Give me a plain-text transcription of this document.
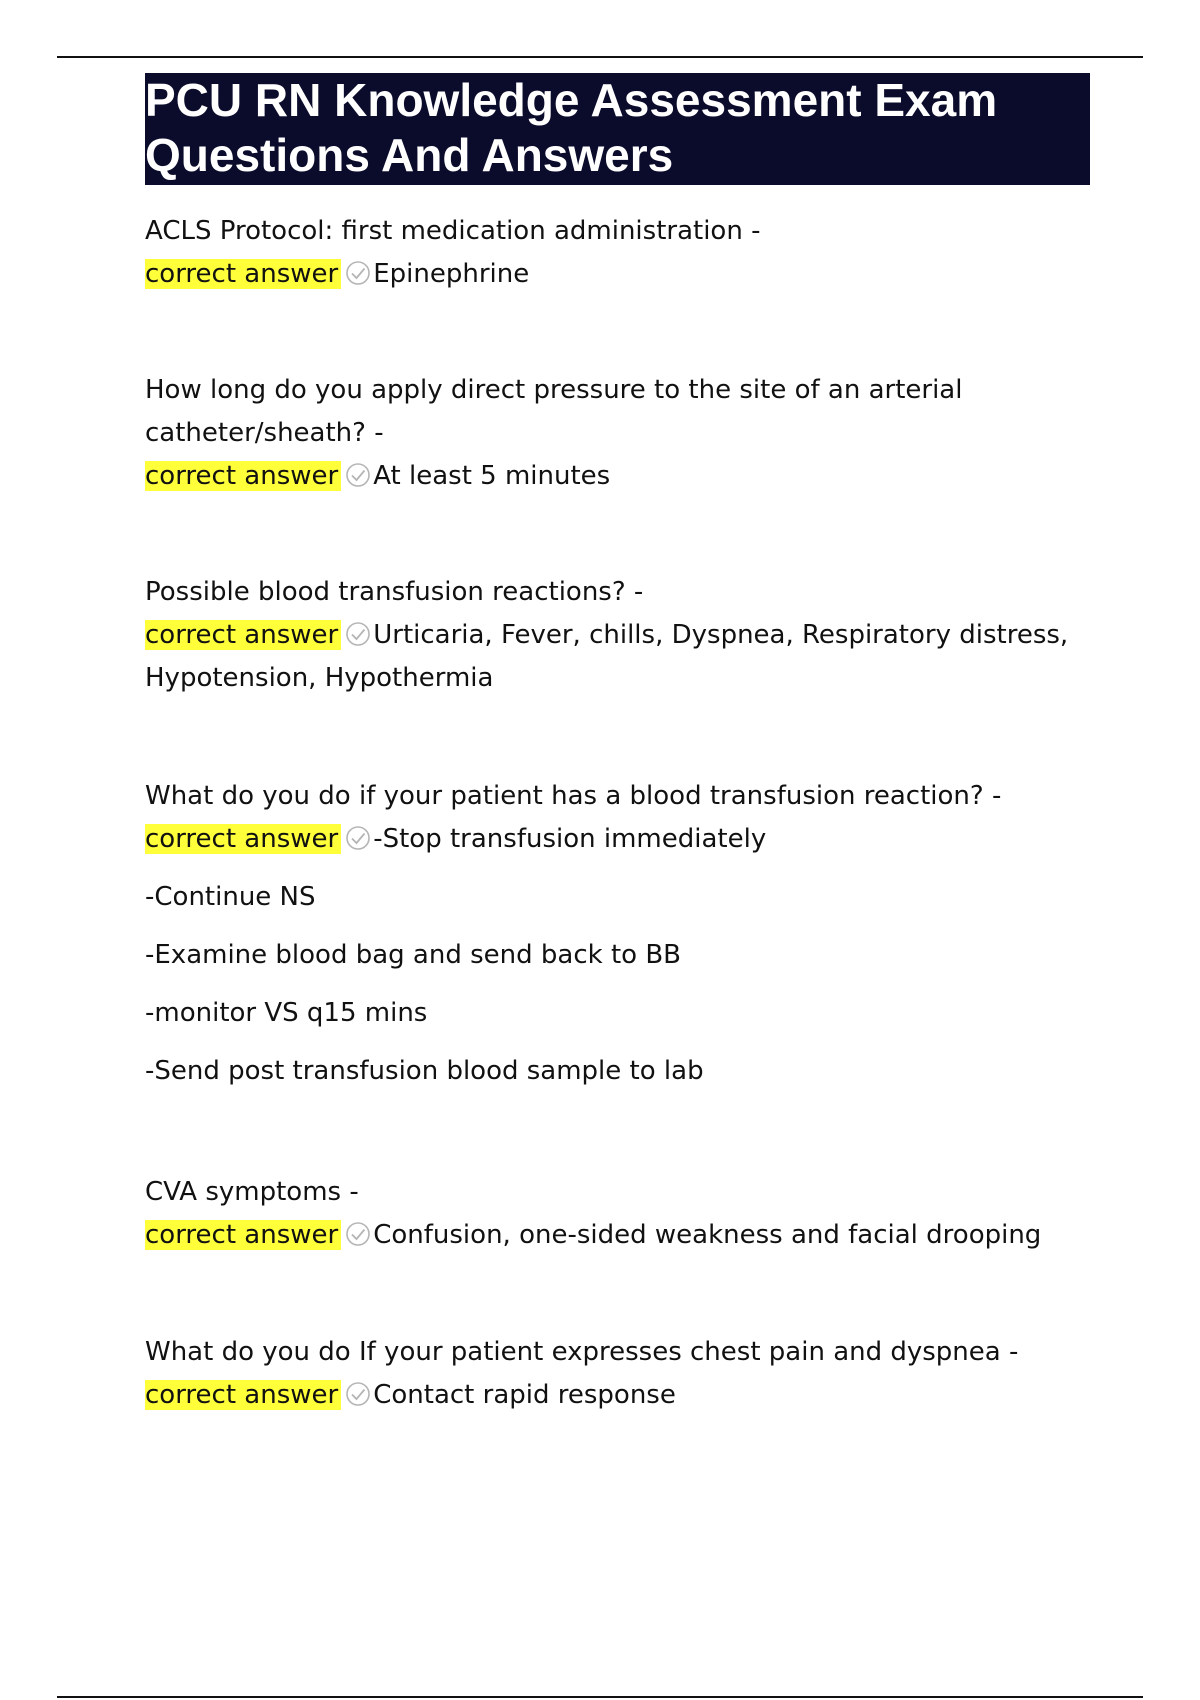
PCU RN Knowledge Assessment Exam
Questions And Answers

ACLS Protocol: first medication administration -

correct answer Epinephrine

How long do you apply direct pressure to the site of an arterial
catheter/sheath? -

correct answer At least 5 minutes

Possible blood transfusion reactions? -

correct answer Urticaria, Fever, chills, Dyspnea, Respiratory distress,
Hypotension, Hypothermia

What do you do if your patient has a blood transfusion reaction? -

correct answer -Stop transfusion immediately

-Continue NS

-Examine blood bag and send back to BB

-monitor VS q15 mins

-Send post transfusion blood sample to lab

CVA symptoms -

correct answer Confusion, one-sided weakness and facial drooping

What do you do If your patient expresses chest pain and dyspnea -

correct answer Contact rapid response
